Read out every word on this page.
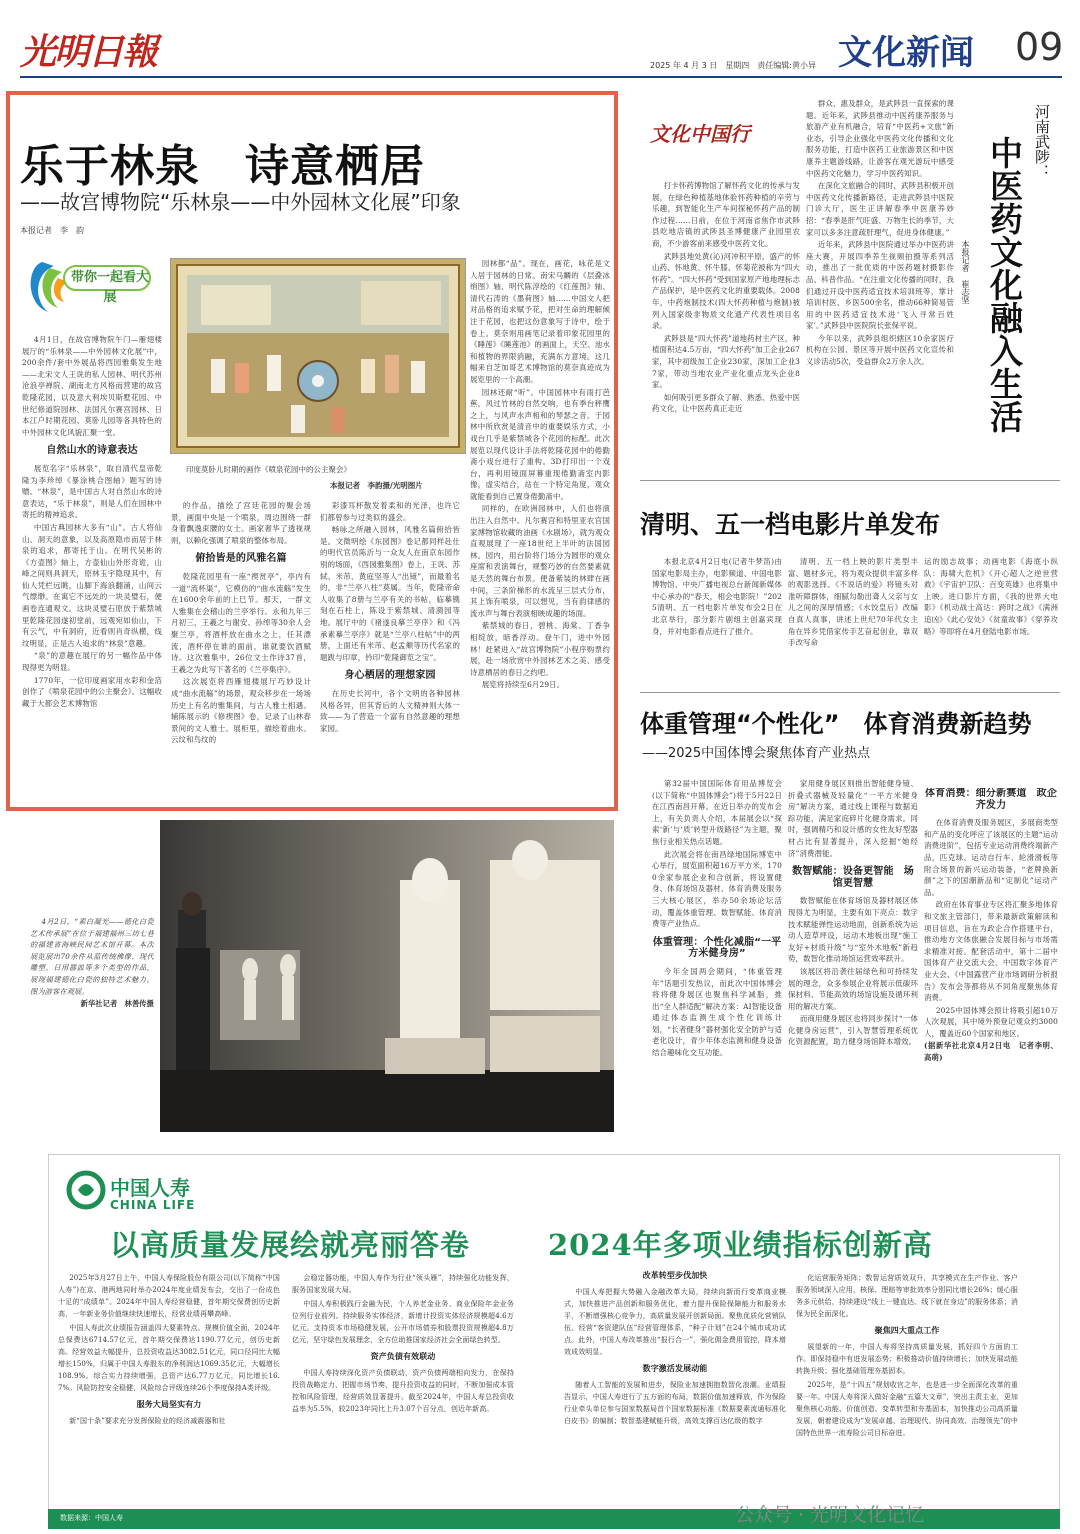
光明日報	2025 年 4 月 3 日　星期四　责任编辑:黄小异 文化新闻 09
乐于林泉　诗意栖居
——故宫博物院“乐林泉——中外园林文化展”印象
本报记者　李　韵
带你一起看大展
印度莫卧儿时期的画作《喷泉花园中的公主聚会》
本报记者　李韵摄/光明图片

4月1日，在故宫博物院午门—雁翅楼展厅的“乐林泉——中外园林文化展”中，200余件/套中外展品将西园雅集发生地——北宋文人王诜的私人园林、明代苏州沧浪亭禅院、湖南北方风格而营建的故宫乾隆花园，以及意大利埃贝斯墅花园、中世纪修道院园林、法国凡尔赛宫园林、日本江户时期花园、莫卧儿园等各具特色的中外园林文化风貌汇聚一堂。

自然山水的诗意表达

展览名字“乐林泉”，取自清代皇帝乾隆为李珍绰《暴涂桃合图轴》题写的诗赠。“林泉”，是中国古人对自然山水的诗意表达，“乐于林泉”，则是人们在园林中寄托的精神追求。

中国古典园林大多有“山”。古人将仙山、洞天的意象，以及高原隐市而居于林泉的追求，都寄托于山。在明代吴彬的《方壶图》轴上，方壶仙山外形奇诡，山峰之间则具洞天，原林玉宇隐现其中，有仙人凭栏远眺，山脚下海浪翻涌，山间云气缥缈。在寓它不远处的一块灵璧石，便画卷连通观文。这块灵璧石原放于紫禁城里乾隆花园遂初堂前，远观宛如仙山，下有云气，中有洞府，近看则肖奇纵横，线纹明显，正是古人追求的“林泉”意趣。

“泉”的意趣在展厅的另一幅作品中体现得更为明显。

1770年，一位印度画家用水彩和金箔创作了《喷泉花园中的公主聚会》。这幅收藏于大都会艺术博物馆

的作品，描绘了宫廷花园的聚会场景，画面中央是一个喷泉，周边围绕一群身着飘逸束腰的女士。画家奢华了透视规则，以赖化强调了喷泉的整体布局。

俯拾皆是的风雅名篇

乾隆花园里有一座“禊赏亭”，亭内有一道“流杯渠”，它模仿的“曲水流觞”发生在1600余年前的上巳节。那天，一群文人雅集在会稽山的兰亭举行。永和九年三月初三，王羲之与谢安、孙绰等30余人会聚兰亭，将酒杯放在曲水之上，任其漂流，酒杯停在谁的面前，谁就要饮酒赋诗。这次雅集中，26位文士作诗37首，王羲之为此写下著名的《兰亭集序》。

这次展览将西雁翅楼展厅巧妙设计成“曲水流觞”的场景，观众移步在一场场历史上有名的雅集间，与古人雅士相遇。辅陈展示的《修禊图》卷，记录了山林春景间的文人雅士。展柜里，描绘着曲水、云纹和鸟纹的

彩漆耳杯散发着柔和的光泽，也许它们都曾参与过类似的盛会。

畅咏之所融入园林，风雅名篇俯拾皆是。文徵明绘《东园图》卷记都同样赴仕的明代官员陈沂与一众友人在南京东园作别的场面，《西园雅集图》卷上，王诜、苏轼、米芾、黄庭坚等人“出镜”，而最着名的，非“兰亭八柱”莫属。当年，乾隆帝命人收集了8册与兰亭有关的书帖，临摹镌刻在石柱上，陈设于紫禁城、清漪园等地。展厅中的《褚遂良摹兰亭序》和《冯承素摹兰亭序》就是“兰亭八柱帖”中的两册，上面还有米芾、赵孟頫等历代名家的题跋与印章，钤印“乾隆御览之宝”。

身心栖居的理想家园

在历史长河中，各个文明的各种园林风格各异，但其背后的人文精神则大体一致——为了营造一个富有自然意趣的理想家园。

园林都“品”。现在，画花，咏花是文人居于园林的日常。南宋马麟的《层叠冰绡图》轴、明代陈淳绘的《红莲图》轴、清代石涛的《墨荷图》轴……中国文人把对品格的追求赋予花，把对生命的理解倾注于花园，也把这份意象写于诗中，绘于卷上。莫奈则用画笔记录着印象花园里的《睡莲》《睡莲池》的画面上，天空、池水和植物的界限消融，充满东方意境。这几幅来自芝加哥艺术博物馆的莫奈真迹成为展览里的一个高潮。

园林还耐“听”。中国园林中有雨打芭蕉，风过竹林的自然交响，也有季台秤鹰之上，与风声水声相和的琴瑟之音。于园林中所欣赏是清音中的重要娱乐方式，小戏台几乎是紫禁城各个花园的标配。此次展览以现代设计手法将乾隆花园中的倦勤斋小戏台进行了重构。3D打印出一个戏台，再利用镜面屏幕重现倦勤斋室内影像，虚实结合，站在一个特定角度，观众就能看到自己置身倦勤斋中。

同样的，在欧洲园林中，人们也将演出注入自然中。凡尔赛宫和特里亚农宫国家博物馆收藏的油画《水剧场》，就为观众直观展现了一座18世纪上半叶的法国园林。园内，用台阶将门场分为圆形的观众座席和表演舞台，规整巧妙的自然要素就是天然的舞台布景。便备紫装的林肆在画中间，三条阶梯形的水流呈三层式分布，其上饰有喷泉，可以想见，当有韵律感的流水声与舞台表演相映成趣的场面。

紫禁城的春日，碧桃、海棠、丁香争相绽放，暗香浮动。登午门，进中外园林！赶紧进入“故宫博物院”小程序购票约展，赴一场欣赏中外园林艺术之美、感受诗意栖居的春日之约吧。

展览将持续至6月29日。

文化中国行

打卡怀药博物馆了解怀药文化的传承与发展，在绿色种植基地体验怀药种植的辛劳与乐趣，到智能化生产车间探秘怀药产品的制作过程……日前，在位于河南省焦作市武陟县吃地店镇的武陟县圣博健康产业园里农商，不少游客前来感受中医药文化。

武陟县地处黄(沁)河冲积平原，盛产的怀山药、怀地黄、怀牛膝、怀菊花被称为“四大怀药”。“四大怀药”受到国家原产地地理标志产品保护，是中医药文化的重要载体。2008年，中药炮制技术(四大怀药种植与炮制)被列入国家级非物质文化遗产代表性项目名录。

武陟县是“四大怀药”道地药材主产区，种植面积达4.5万亩，“四大怀药”加工企业267家，其中初级加工企业230家，深加工企业37家，带动当地农业产业化重点龙头企业8家。

如何吸引更多群众了解、熟悉、热爱中医药文化，让中医药真正走近

群众、惠及群众，是武陟县一直探索的课题。近年来，武陟县推动中医药康养服务与旅游产业有机融合，培育“中医药+文旅”新业态，引导企业强化中医药文化传播和文化服务功能，打造中医药工业旅游景区和中医康养主题游线路，让游客在观光游玩中感受中医药文化魅力，学习中医药知识。

在深化文旅融合的同时，武陟县积极开创中医药文化传播新路径，走进武陟县中医院门诊大厅，医生正讲解春季中医康养妙招：“春季是肝气旺盛、万物生长的季节，大家可以多多注意疏肝理气，促进身体健康。”

近年来，武陟县中医院通过举办中医药讲座大赛，开展四季养生视频拍摄等系列活动，推出了一批优质的中医药题材摄影作品、科普作品。“在注重文化传播的同时，我们通过开设中医药适宜技术培训班等，掌计培训村医、乡医500余名，推动66种简易管用的中医药适宜技术进‘飞入寻常百姓家’。”武陟县中医院院长张保平说。

今年以来，武陟县组织辖区10余家医疗机构在公园、景区等开展中医药文化宣传和义诊活动5次，受益群众2万余人次。

河南武陟：
中医药文化融入生活
本报记者　崔志坚
清明、五一档电影片单发布

本报北京4月2日电(记者牛梦笛)由国家电影局主办，电影频道、中国电影博物馆、中央广播电视总台新闻新媒体中心承办的“春天，相会电影院！”2025清明、五一档电影片单发布会2日在北京举行，部分影片剧组主创嘉宾现身，并对电影看点进行了推介。

清明、五一档上映的影片类型丰富、题材多元，将为观众提供丰富多样的观影选择。《不说话的爱》将镜头对准听障群体，细腻勾勒出聋人父亲与女儿之间的深厚情感；《水饺皇后》改编自真人真事，讲述上世纪70年代女主角在异乡凭借家传手艺奋起创业，靠双手改写命

运的励志故事；动画电影《海底小纵队：海啸大危机》《开心超人之逆世营救》《宇宙护卫队：百变英雄》也将集中上映。进口影片方面，《我的世界大电影》《机动战士高达：跨时之战》《满洲追凶》《此心安处》《贫童故事》《穿养攻略》等即将在4月登陆电影市场。

体重管理“个性化”　体育消费新趋势
——2025中国体博会聚焦体育产业热点

第32届中国国际体育用品博览会(以下简称“中国体博会”)将于5月22日在江西南昌开幕。在近日举办的发布会上，有关负责人介绍，本届展会以“探索‘新’与‘质’转型升级路径”为主题，聚焦行业相关热点话题。

此次展会将在南昌绿地国际博览中心举行，展览面积超16万平方米，1700余家参展企业和合创新，将设置健身、体育场馆及器材、体育消费及服务三大核心展区，举办50余场论坛活动，覆盖体重管理、数智赋能、体育消费等产业热点。

体重管理：个性化减脂“一平方米健身房”

今年全国两会期间，“体重管理年”话题引发热议，而此次中国体博会将将健身展区也聚焦科学减脂，推出“全人群适配”解决方案：AI智能设备通过体态监测生成个性化训练计划，“长者健身”器材强化安全防护与适老化设计，青少年体态监测和健身设备结合趣味化交互功能。

家用健身展区则推出智能健身镜、折叠式器械及轻量化“一平方米健身房”解决方案，通过线上课程与数据追踪功能，满足家庭碎片化健身需求。同时，强调精巧和设计感的女性友好型器材占比有显著提升，深入挖掘“她经济”消费潜能。

数智赋能：设备更智能　场馆更智慧

数智赋能在体育场馆及器材展区体现得尤为明显，主要有如下亮点：数字技术赋能弹性运动地面，创新系统为运动人造草坪设，运动木地板出现“施工友好+材质升级”与“室外木地板”新趋势，数智化推动场馆运营效率跃升。

该展区将沿袭往届绿色和可持续发展的理念，众多参展企业将展示低碳环保材料、节能高效的场馆设施及循环利用的解决方案。

而商用健身展区也将同步探讨“一体化健身房运营”，引入智慧管理系统优化资源配置，助力健身场馆降本增效。

体育消费：细分新赛道　政企齐发力

在体育消费及服务展区，多展商类型和产品的变化呼应了该展区的主题“运动消费进阶”，包括专业运动消费终端新产品，匹克球、运动自行车、轮滑滑板等附合场景的新兴运动装备，“老牌换新颜”之下的国潮新品和“定制化”运动产品。

政府在体育事业专区将汇聚多地体育和文旅主管部门，带来最新政策解读和项目信息，旨在为政企合作搭建平台，推动地方文体旅融合发展目标与市场需求精准对接。配套活动中，第十二届中国体育产业交流大会、中国数字体育产业大会、《中国露营产业市场调研分析报告》发布会等都将从不同角度聚焦体育消费。

2025中国体博会预计将吸引超10万人次观展，其中境外预登记观众约3000人，覆盖近60个国家和地区。

(据新华社北京4月2日电　记者李明、高萌)

4月2日，“素白凝光——德化白瓷艺术传承展”在位于福建福州三坊七巷的福建省海峡民间艺术馆开幕。本次展览展出70余件从蓝传统佛像、现代雕塑、日用器皿等多个类型的作品，展现福建德化白瓷的独特艺术魅力。图为游客在观展。

新华社记者　林善传摄

中国人寿
CHINA LIFE
以高质量发展绘就亮丽答卷	2024年多项业绩指标创新高

2025年3月27日上午，中国人寿保险股份有限公司(以下简称“中国人寿”)在京、港两地同时举办2024年度业绩发布会，交出了一份成色十足的“成绩单”。2024年中国人寿经营稳健，首年期交保费创历史新高，一年新业务价值继续快速增长，经营业绩再攀高峰。

中国人寿此次业绩报告涵盖四大要素特点。规模价值全面，2024年总保费达6714.57亿元，首年期交保费达1190.77亿元，创历史新高。经营效益大幅提升，总投资收益达3082.51亿元，同口径同比大幅增长150%，归属于中国人寿股东的净利润达1069.35亿元，大幅增长108.9%。综合实力持续增强，总资产达6.77万亿元，同比增长16.7%。风险防控安全稳健，风险综合评级连续26个季度保持A类评级。

服务大局坚实有力

新“国十条”要求充分发挥保险业的经济减震器和社

会稳定器功能，中国人寿作为行业“领头雁”，持续强化功能发挥，服务国家发展大局。

中国人寿积极践行金融为民，个人养老金业务、商业保险年金业务位列行业前列。持续服务实体经济，新增计投资实体经济规模超4.6万亿元。支持资本市场稳健发展，公开市场债券和股票投资规模超4.8万亿元，坚守绿色发展理念，全方位助推国家经济社会全面绿色转型。

资产负债有效联动

中国人寿持续深化资产负债联动，资产负债两端相向发力，在保持投资战略定力、把握市场节奏，提升投资收益的同时，不断加强成本管控和风险管理，经营质效显著提升。截至2024年，中国人寿总投资收益率为5.5%，较2023年同比上升3.07个百分点，创近年新高。

改革转型步伐加快

中国人寿把握大势融入金融改革大局，持续向新而行变革商业模式，加快推进产品创新和服务优化，着力提升保险保障能力和服务水平，不断增强核心竞争力，高质量发展开创新局面。聚焦优质化营销队伍、经营“客资建队伍”经营管理体系，“种子计划”在24个城市成功试点。此外，中国人寿改革推出“报行合一”，强化佣金费用管控，降本增效成效明显。

数字激活发展动能

随着人工智能的发展和进步，保险业加速拥抱数智化浪潮。业绩报告显示，中国人寿进行了五方面的布局，数据价值加速释放，作为保险行业牵头单位参与国家数据局首个国家数据标准《数据要素流通标准化白皮书》的编制；数智基建赋能升级，高效支撑百达亿级的数字

化运营服务矩阵；数智运营质效双升，共享模式在生产作业、客户服务领域深入应用，核保、理赔等审批效率分别同比增长26%；缓心服务多元供给，持续建设“线上一键直达、线下就在身边”的服务体系；消保为民全面深化。

聚焦四大重点工作

展望新的一年，中国人寿将坚持高质量发展，抓好四个方面的工作。即保持稳中有进发展态势；积极推动价值持续增长；加快发展动能转换升级；强化基础管理夯基固本。

2025年，是“十四五”规划收官之年，也是进一步全面深化改革的重要一年。中国人寿将深入做好金融“五篇大文章”，突出主责主业，更加聚焦核心功能、价值创造、变革转型和夯基固本，加快推动公司高质量发展，朝着建设成为“发展卓越、治理现代、协同高效、治理领先”的中国特色世界一流寿险公司目标奋进。

数据来源：中国人寿	公众号 · 光明文化记忆
